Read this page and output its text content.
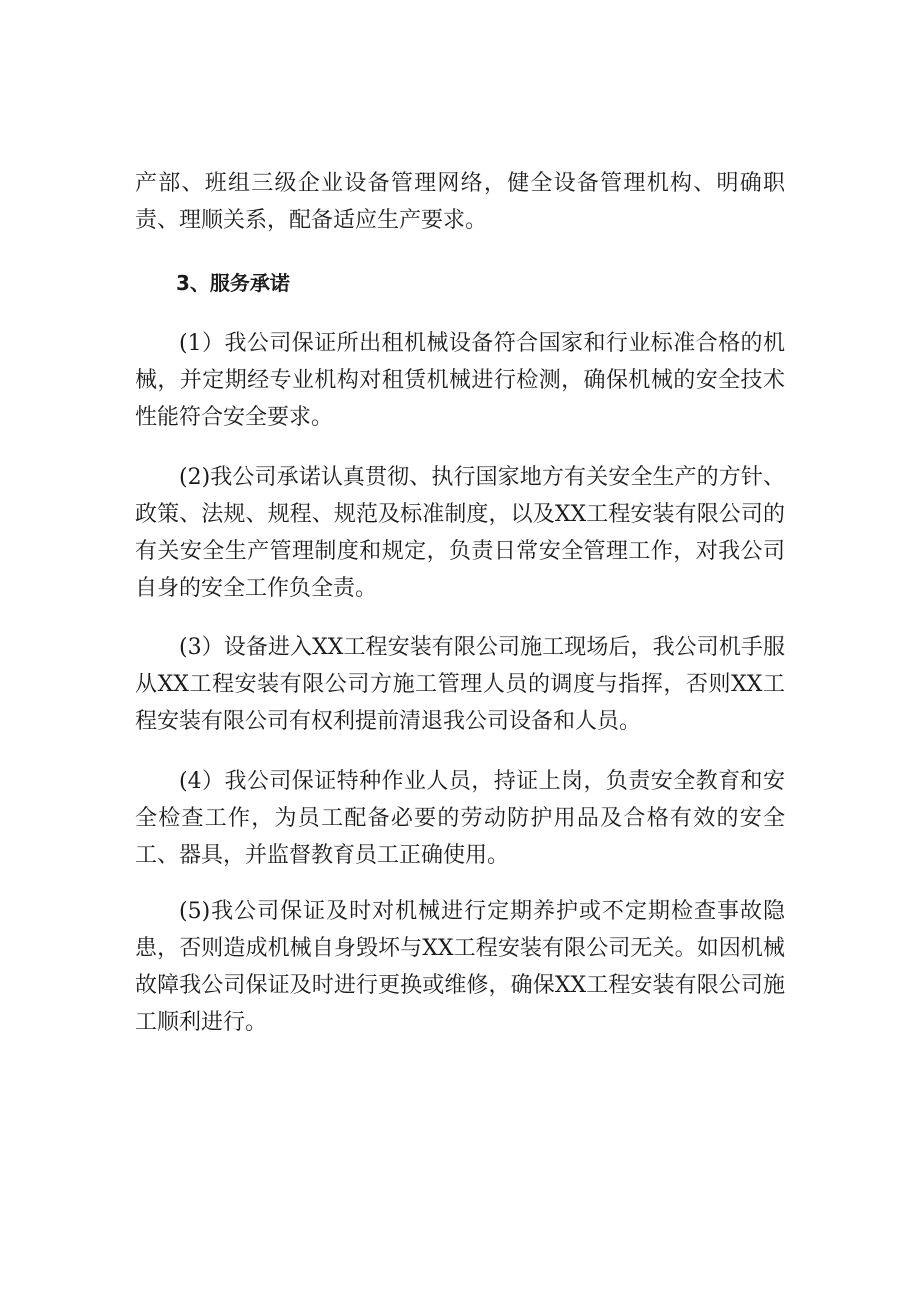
产部、班组三级企业设备管理网络，健全设备管理机构、明确职责、理顺关系，配备适应生产要求。

3、服务承诺

(1）我公司保证所出租机械设备符合国家和行业标准合格的机械，并定期经专业机构对租赁机械进行检测，确保机械的安全技术性能符合安全要求。

(2)我公司承诺认真贯彻、执行国家地方有关安全生产的方针、政策、法规、规程、规范及标准制度，以及XX工程安装有限公司的有关安全生产管理制度和规定，负责日常安全管理工作，对我公司自身的安全工作负全责。

(3）设备进入XX工程安装有限公司施工现场后，我公司机手服从XX工程安装有限公司方施工管理人员的调度与指挥，否则XX工程安装有限公司有权利提前清退我公司设备和人员。

(4）我公司保证特种作业人员，持证上岗，负责安全教育和安全检查工作，为员工配备必要的劳动防护用品及合格有效的安全工、器具，并监督教育员工正确使用。

(5)我公司保证及时对机械进行定期养护或不定期检查事故隐患，否则造成机械自身毁坏与XX工程安装有限公司无关。如因机械故障我公司保证及时进行更换或维修，确保XX工程安装有限公司施工顺利进行。
